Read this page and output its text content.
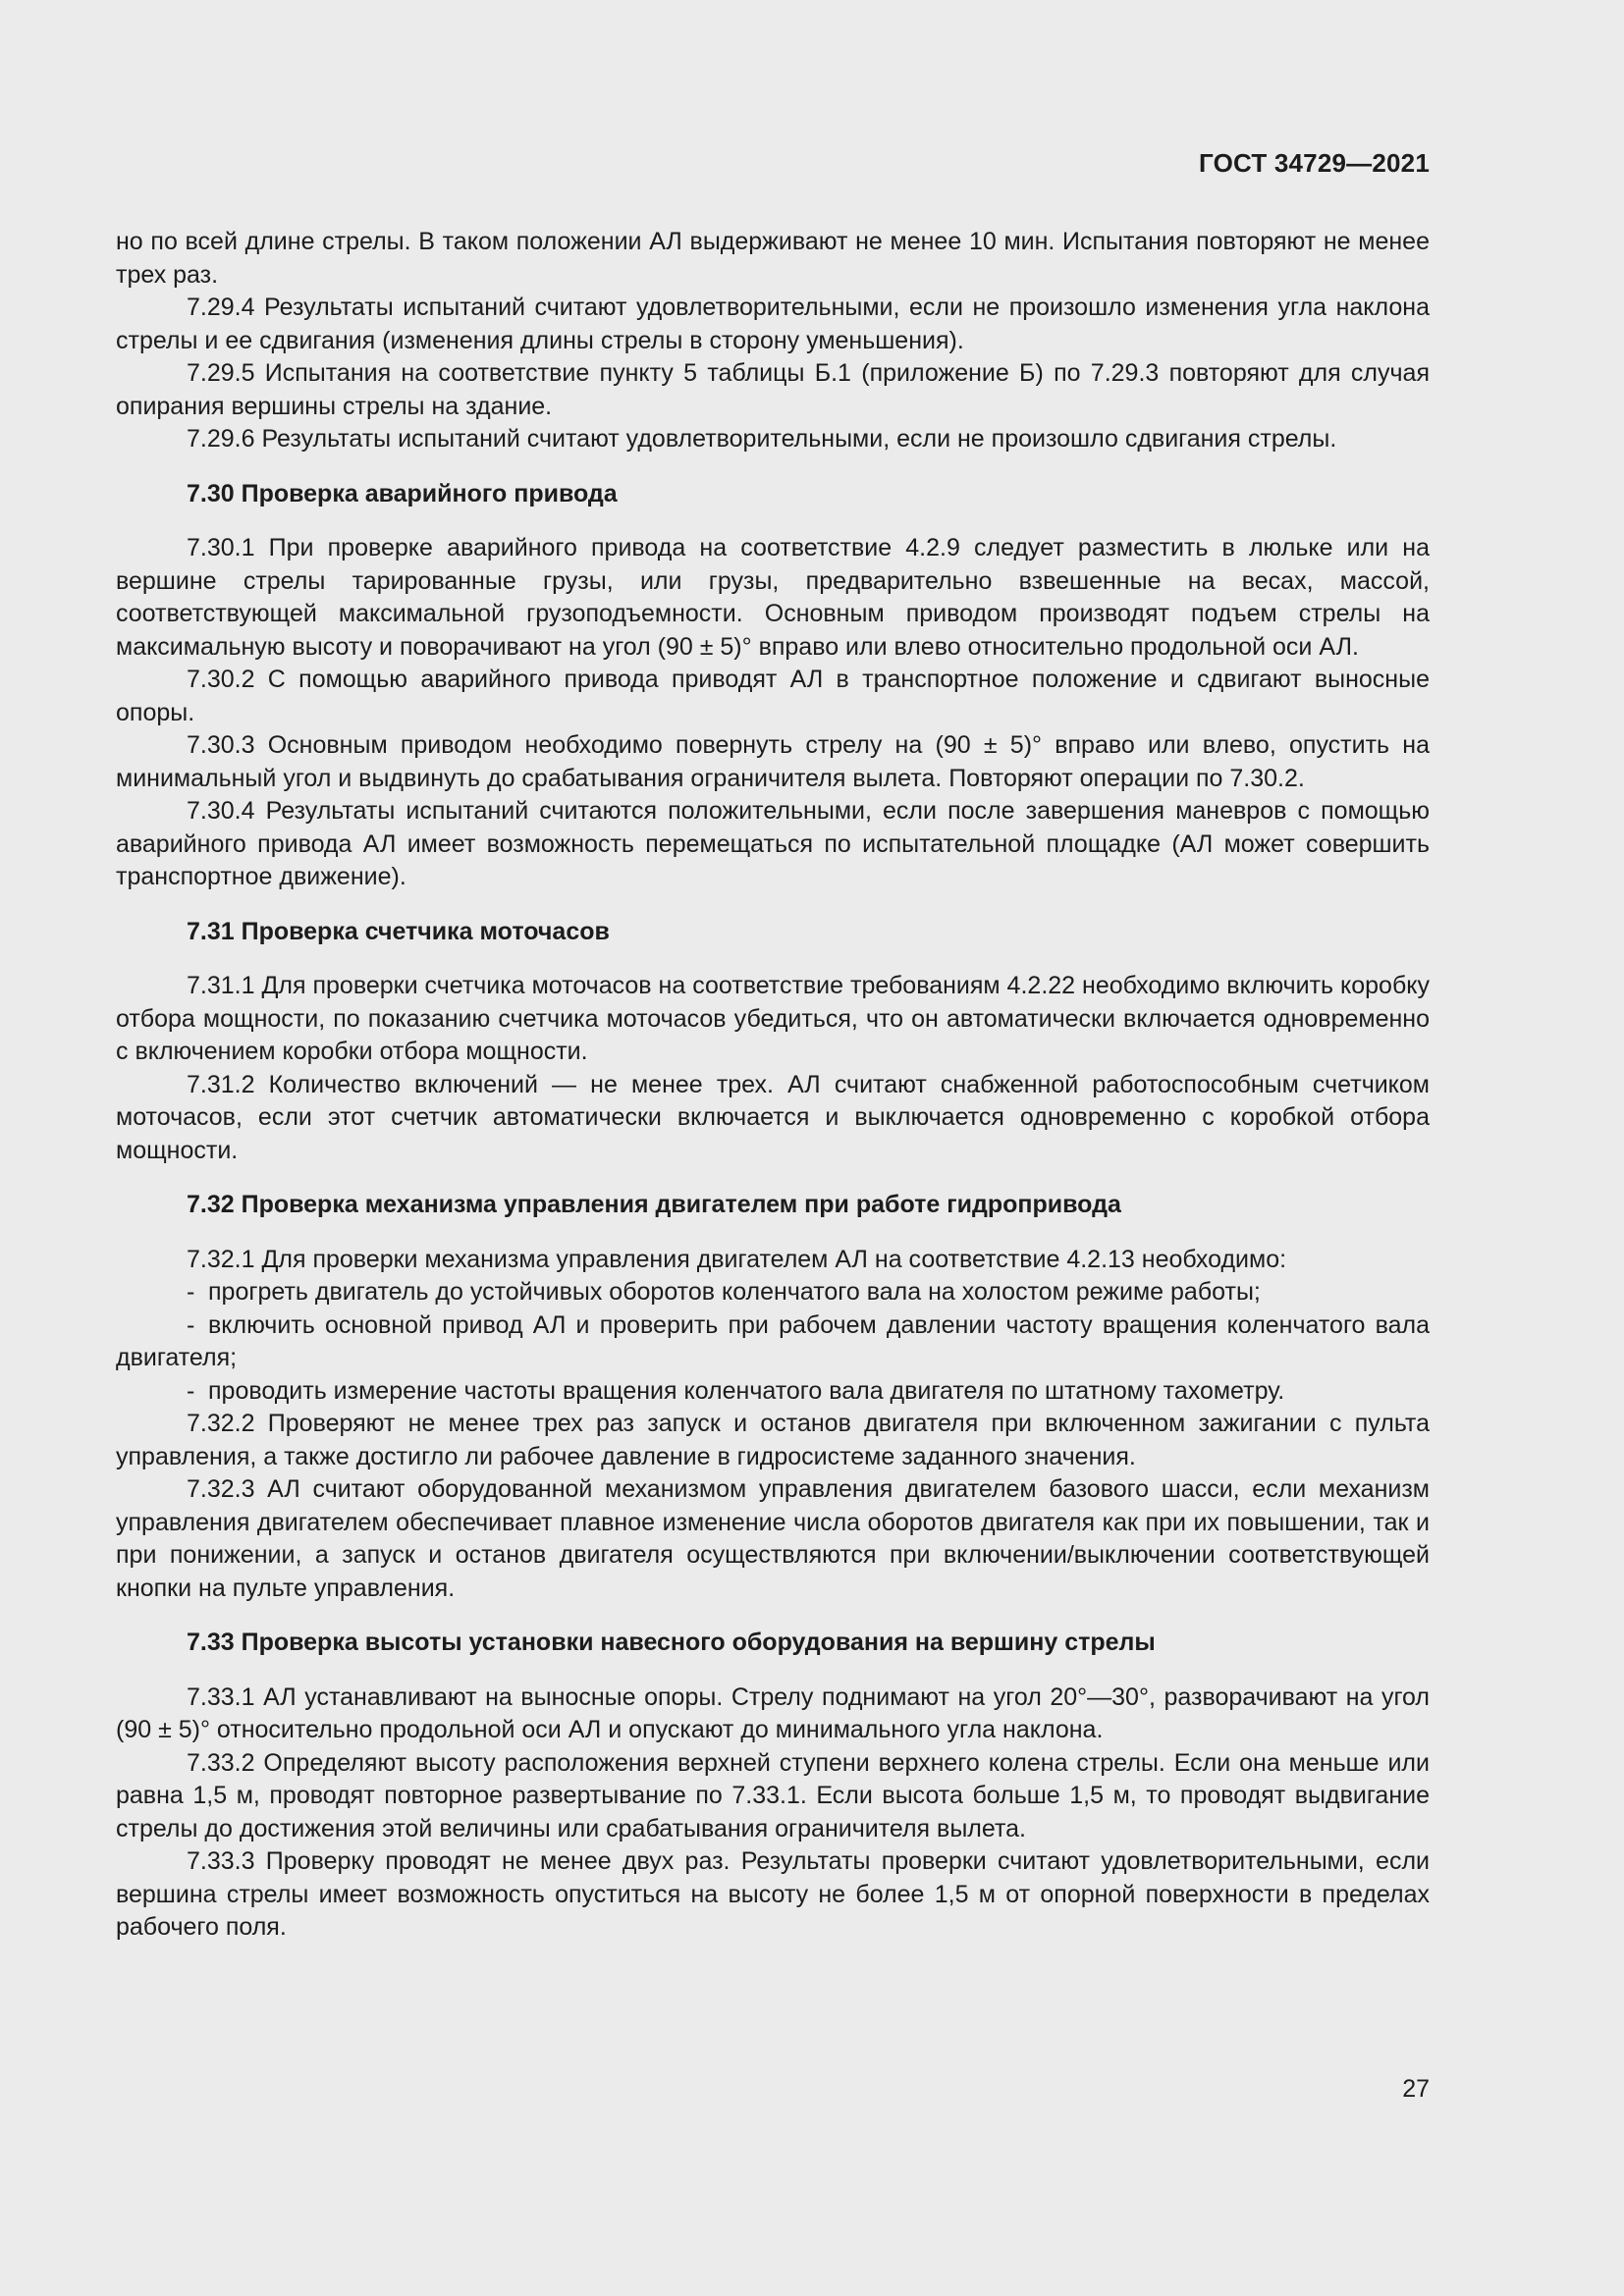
ГОСТ 34729—2021

но по всей длине стрелы. В таком положении АЛ выдерживают не менее 10 мин. Испытания повторяют не менее трех раз.

7.29.4 Результаты испытаний считают удовлетворительными, если не произошло изменения угла наклона стрелы и ее сдвигания (изменения длины стрелы в сторону уменьшения).

7.29.5 Испытания на соответствие пункту 5 таблицы Б.1 (приложение Б) по 7.29.3 повторяют для случая опирания вершины стрелы на здание.

7.29.6 Результаты испытаний считают удовлетворительными, если не произошло сдвигания стрелы.

7.30 Проверка аварийного привода

7.30.1 При проверке аварийного привода на соответствие 4.2.9 следует разместить в люльке или на вершине стрелы тарированные грузы, или грузы, предварительно взвешенные на весах, массой, соответствующей максимальной грузоподъемности. Основным приводом производят подъем стрелы на максимальную высоту и поворачивают на угол (90 ± 5)° вправо или влево относительно продольной оси АЛ.

7.30.2 С помощью аварийного привода приводят АЛ в транспортное положение и сдвигают выносные опоры.

7.30.3 Основным приводом необходимо повернуть стрелу на (90 ± 5)° вправо или влево, опустить на минимальный угол и выдвинуть до срабатывания ограничителя вылета. Повторяют операции по 7.30.2.

7.30.4 Результаты испытаний считаются положительными, если после завершения маневров с помощью аварийного привода АЛ имеет возможность перемещаться по испытательной площадке (АЛ может совершить транспортное движение).

7.31 Проверка счетчика моточасов

7.31.1 Для проверки счетчика моточасов на соответствие требованиям 4.2.22 необходимо включить коробку отбора мощности, по показанию счетчика моточасов убедиться, что он автоматически включается одновременно с включением коробки отбора мощности.

7.31.2 Количество включений — не менее трех. АЛ считают снабженной работоспособным счетчиком моточасов, если этот счетчик автоматически включается и выключается одновременно с коробкой отбора мощности.

7.32 Проверка механизма управления двигателем при работе гидропривода

7.32.1 Для проверки механизма управления двигателем АЛ на соответствие 4.2.13 необходимо:

- прогреть двигатель до устойчивых оборотов коленчатого вала на холостом режиме работы;

- включить основной привод АЛ и проверить при рабочем давлении частоту вращения коленчатого вала двигателя;

- проводить измерение частоты вращения коленчатого вала двигателя по штатному тахометру.

7.32.2 Проверяют не менее трех раз запуск и останов двигателя при включенном зажигании с пульта управления, а также достигло ли рабочее давление в гидросистеме заданного значения.

7.32.3 АЛ считают оборудованной механизмом управления двигателем базового шасси, если механизм управления двигателем обеспечивает плавное изменение числа оборотов двигателя как при их повышении, так и при понижении, а запуск и останов двигателя осуществляются при включении/выключении соответствующей кнопки на пульте управления.

7.33 Проверка высоты установки навесного оборудования на вершину стрелы

7.33.1 АЛ устанавливают на выносные опоры. Стрелу поднимают на угол 20°—30°, разворачивают на угол (90 ± 5)° относительно продольной оси АЛ и опускают до минимального угла наклона.

7.33.2 Определяют высоту расположения верхней ступени верхнего колена стрелы. Если она меньше или равна 1,5 м, проводят повторное развертывание по 7.33.1. Если высота больше 1,5 м, то проводят выдвигание стрелы до достижения этой величины или срабатывания ограничителя вылета.

7.33.3 Проверку проводят не менее двух раз. Результаты проверки считают удовлетворительными, если вершина стрелы имеет возможность опуститься на высоту не более 1,5 м от опорной поверхности в пределах рабочего поля.

27
